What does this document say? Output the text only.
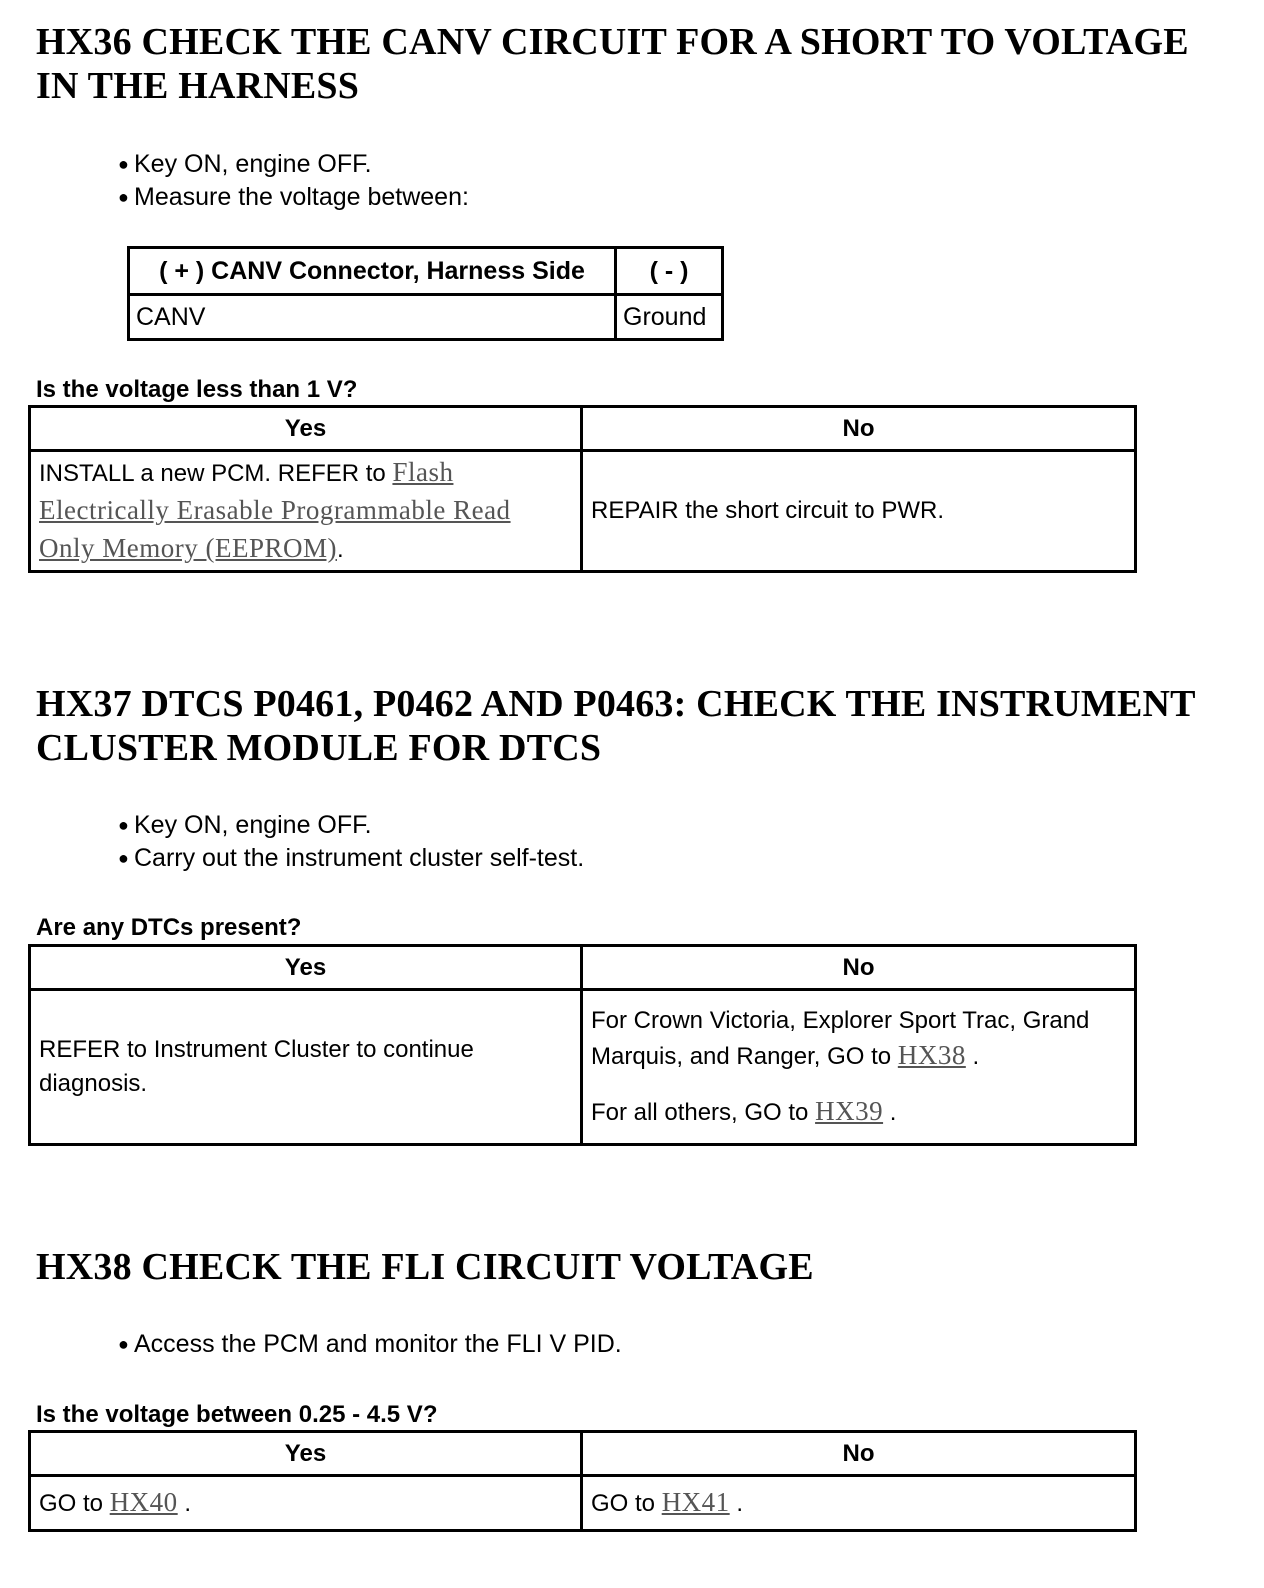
HX36 CHECK THE CANV CIRCUIT FOR A SHORT TO VOLTAGE IN THE HARNESS
● Key ON, engine OFF.
● Measure the voltage between:
( + ) CANV Connector, Harness Side	( - )
CANV	Ground

Is the voltage less than 1 V?

Yes	No
INSTALL a new PCM. REFER to Flash Electrically Erasable Programmable Read Only Memory (EEPROM).	REPAIR the short circuit to PWR.
HX37 DTCS P0461, P0462 AND P0463: CHECK THE INSTRUMENT CLUSTER MODULE FOR DTCS
● Key ON, engine OFF.
● Carry out the instrument cluster self-test.

Are any DTCs present?

Yes	No
REFER to Instrument Cluster to continue diagnosis.	For Crown Victoria, Explorer Sport Trac, Grand Marquis, and Ranger, GO to HX38 .
For all others, GO to HX39 .
HX38 CHECK THE FLI CIRCUIT VOLTAGE
● Access the PCM and monitor the FLI V PID.

Is the voltage between 0.25 - 4.5 V?

Yes	No
GO to HX40 .	GO to HX41 .
